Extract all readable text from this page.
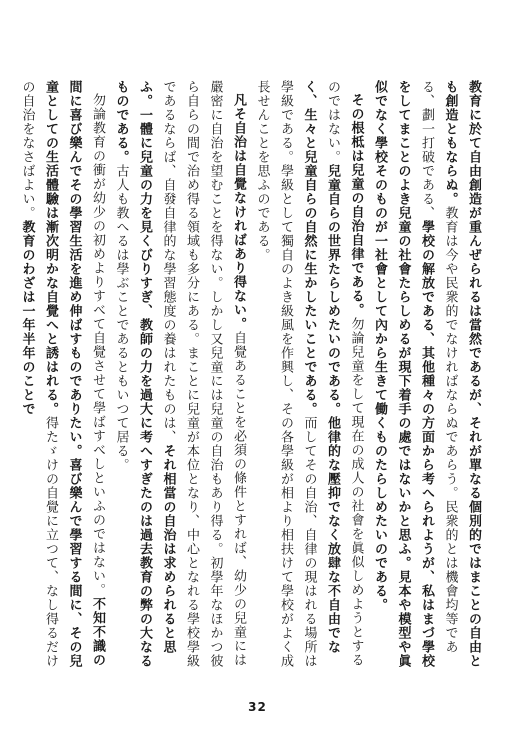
教育に於て自由創造が重んぜられるは當然であるが、それが單なる個別的ではまことの自由とも創造ともならぬ。教育は今や民衆的でなければならぬであらう。民衆的とは機會均等である、劃一打破である、學校の解放である、其他種々の方面から考へられようが、私はまづ學校をしてまことのよき兒童の社會たらしめるが現下着手の處ではないかと思ふ。見本や模型や眞似でなく學校そのものが一社會として內から生きて働くものたらしめたいのである。

その根柢は兒童の自治自律である。勿論兒童をして現在の成人の社會を眞似しめようとするのではない。兒童自らの世界たらしめたいのである。他律的な壓抑でなく放肆な不自由でなく、生々と兒童自らの自然に生かしたいことである。而してその自治、自律の現はれる場所は學級である。學級として獨自のよき級風を作興し、その各學級が相より相扶けて學校がよく成長せんことを思ふのである。

凡そ自治は自覺なければあり得ない。自覺あることを必須の條件とすれば、幼少の兒童には嚴密に自治を望むことを得ない。しかし又兒童には兒童の自治もあり得る。初學年なほかつ彼ら自らの間で治め得る領域も多分にある。まことに兒童が本位となり、中心となれる學校學級であるならば、自發自律的な學習態度の養はれたものは、それ相當の自治は求められると思ふ。一體に兒童の力を見くびりすぎ、教師の力を過大に考へすぎたのは過去教育の弊の大なるものである。古人も教へるは學ぶことであるともいつて居る。

勿論教育の衝が幼少の初めよりすべて自覺させて學ばすべしといふのではない。不知不識の間に喜び樂んでその學習生活を進め伸ばすものでありたい。喜び樂んで學習する間に、その兒童としての生活體驗は漸次明かな自覺へと誘はれる。得たゞけの自覺に立つて、なし得るだけの自治をなさばよい。教育のわざは一年半年のことで

32
